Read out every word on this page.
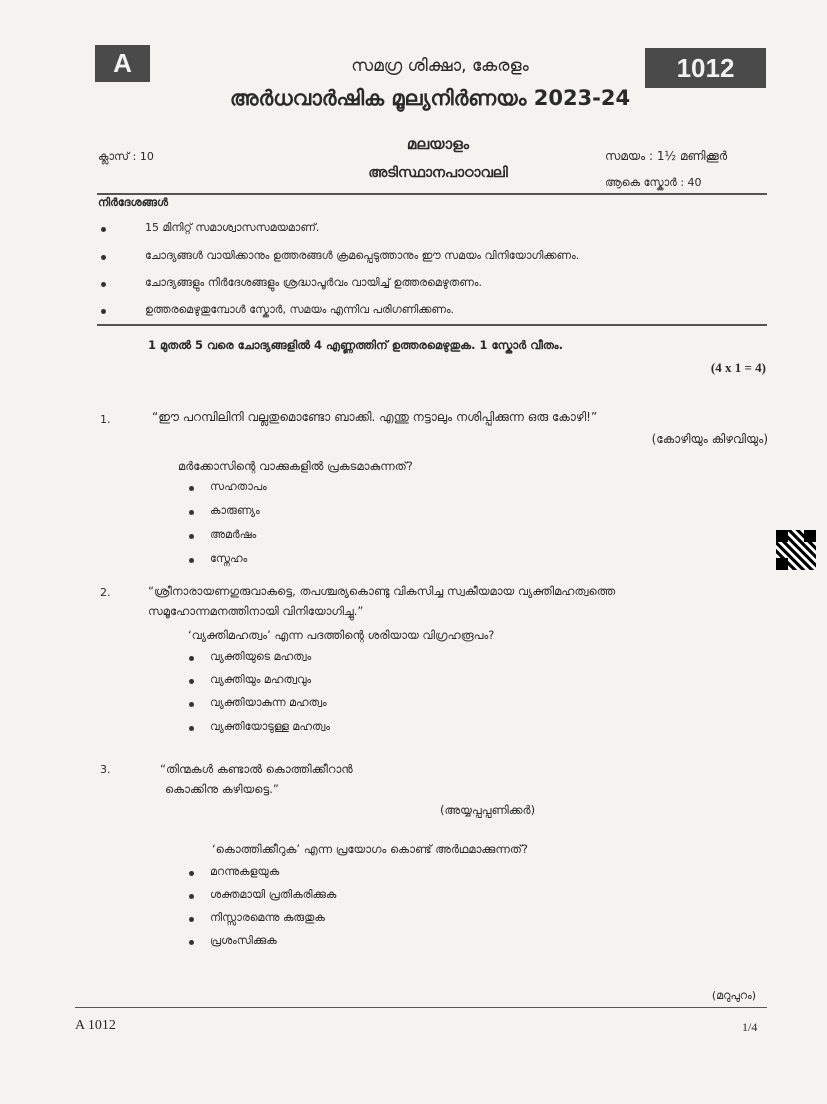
A	1012
സമഗ്ര ശിക്ഷാ, കേരളം
അർധവാർഷിക മൂല്യനിർണയം 2023-24
മലയാളം
അടിസ്ഥാനപാഠാവലി
ക്ലാസ് : 10	സമയം : 1½ മണിക്കൂർ
ആകെ സ്കോർ : 40
നിർദേശങ്ങൾ
15 മിനിറ്റ് സമാശ്വാസസമയമാണ്.
ചോദ്യങ്ങൾ വായിക്കാനും ഉത്തരങ്ങൾ ക്രമപ്പെടുത്താനും ഈ സമയം വിനിയോഗിക്കണം.
ചോദ്യങ്ങളും നിർദേശങ്ങളും ശ്രദ്ധാപൂർവം വായിച്ച് ഉത്തരമെഴുതണം.
ഉത്തരമെഴുതുമ്പോൾ സ്കോർ, സമയം എന്നിവ പരിഗണിക്കണം.
1 മുതൽ 5 വരെ ചോദ്യങ്ങളിൽ 4 എണ്ണത്തിന് ഉത്തരമെഴുതുക. 1 സ്കോർ വീതം.
(4 x 1 = 4)
1.	“ഈ പറമ്പിലിനി വല്ലതുമൊണ്ടോ ബാക്കി. എന്തു നട്ടാലും നശിപ്പിക്കുന്ന ഒരു കോഴി!”
(കോഴിയും കിഴവിയും)
മർക്കോസിന്റെ വാക്കുകളിൽ പ്രകടമാകുന്നത്?
സഹതാപം
കാരുണ്യം
അമർഷം
സ്നേഹം
2.	“ശ്രീനാരായണഗുരുവാകട്ടെ, തപശ്ചര്യകൊണ്ടു വികസിച്ച സ്വകീയമായ വ്യക്തിമഹത്വത്തെ
സമൂഹോന്നമനത്തിനായി വിനിയോഗിച്ചു.”
‘വ്യക്തിമഹത്വം’ എന്ന പദത്തിന്റെ ശരിയായ വിഗ്രഹരൂപം?
വ്യക്തിയുടെ മഹത്വം
വ്യക്തിയും മഹത്വവും
വ്യക്തിയാകുന്ന മഹത്വം
വ്യക്തിയോടുള്ള മഹത്വം
3.	“തിന്മകൾ കണ്ടാൽ കൊത്തിക്കീറാൻ
കൊക്കിനു കഴിയട്ടെ.”
(അയ്യപ്പപ്പണിക്കർ)
‘കൊത്തിക്കീറുക’ എന്ന പ്രയോഗം കൊണ്ട് അർഥമാക്കുന്നത്?
മറന്നുകളയുക
ശക്തമായി പ്രതികരിക്കുക
നിസ്സാരമെന്നു കരുതുക
പ്രശംസിക്കുക
(മറുപുറം)
A 1012	1/4
